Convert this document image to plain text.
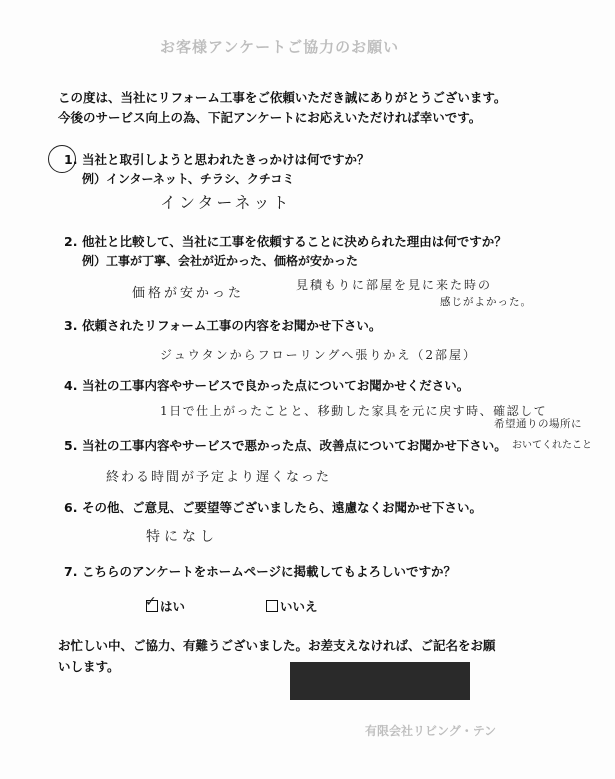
お客様アンケートご協力のお願い
この度は、当社にリフォーム工事をご依頼いただき誠にありがとうございます。
今後のサービス向上の為、下記アンケートにお応えいただければ幸いです。
1. 当社と取引しようと思われたきっかけは何ですか？
例）インターネット、チラシ、クチコミ
インターネット
2. 他社と比較して、当社に工事を依頼することに決められた理由は何ですか？
例）工事が丁寧、会社が近かった、価格が安かった
価格が安かった
見積もりに部屋を見に来た時の
感じがよかった。
3. 依頼されたリフォーム工事の内容をお聞かせ下さい。
ジュウタンからフローリングへ張りかえ（2部屋）
4. 当社の工事内容やサービスで良かった点についてお聞かせください。
1日で仕上がったことと、移動した家具を元に戻す時、確認して
希望通りの場所に
おいてくれたこと
5. 当社の工事内容やサービスで悪かった点、改善点についてお聞かせ下さい。
終わる時間が予定より遅くなった
6. その他、ご意見、ご要望等ございましたら、遠慮なくお聞かせ下さい。
特になし
7. こちらのアンケートをホームページに掲載してもよろしいですか？
✓ はい	いいえ
お忙しい中、ご協力、有難うございました。お差支えなければ、ご記名をお願
いします。
有限会社リビング・テン
